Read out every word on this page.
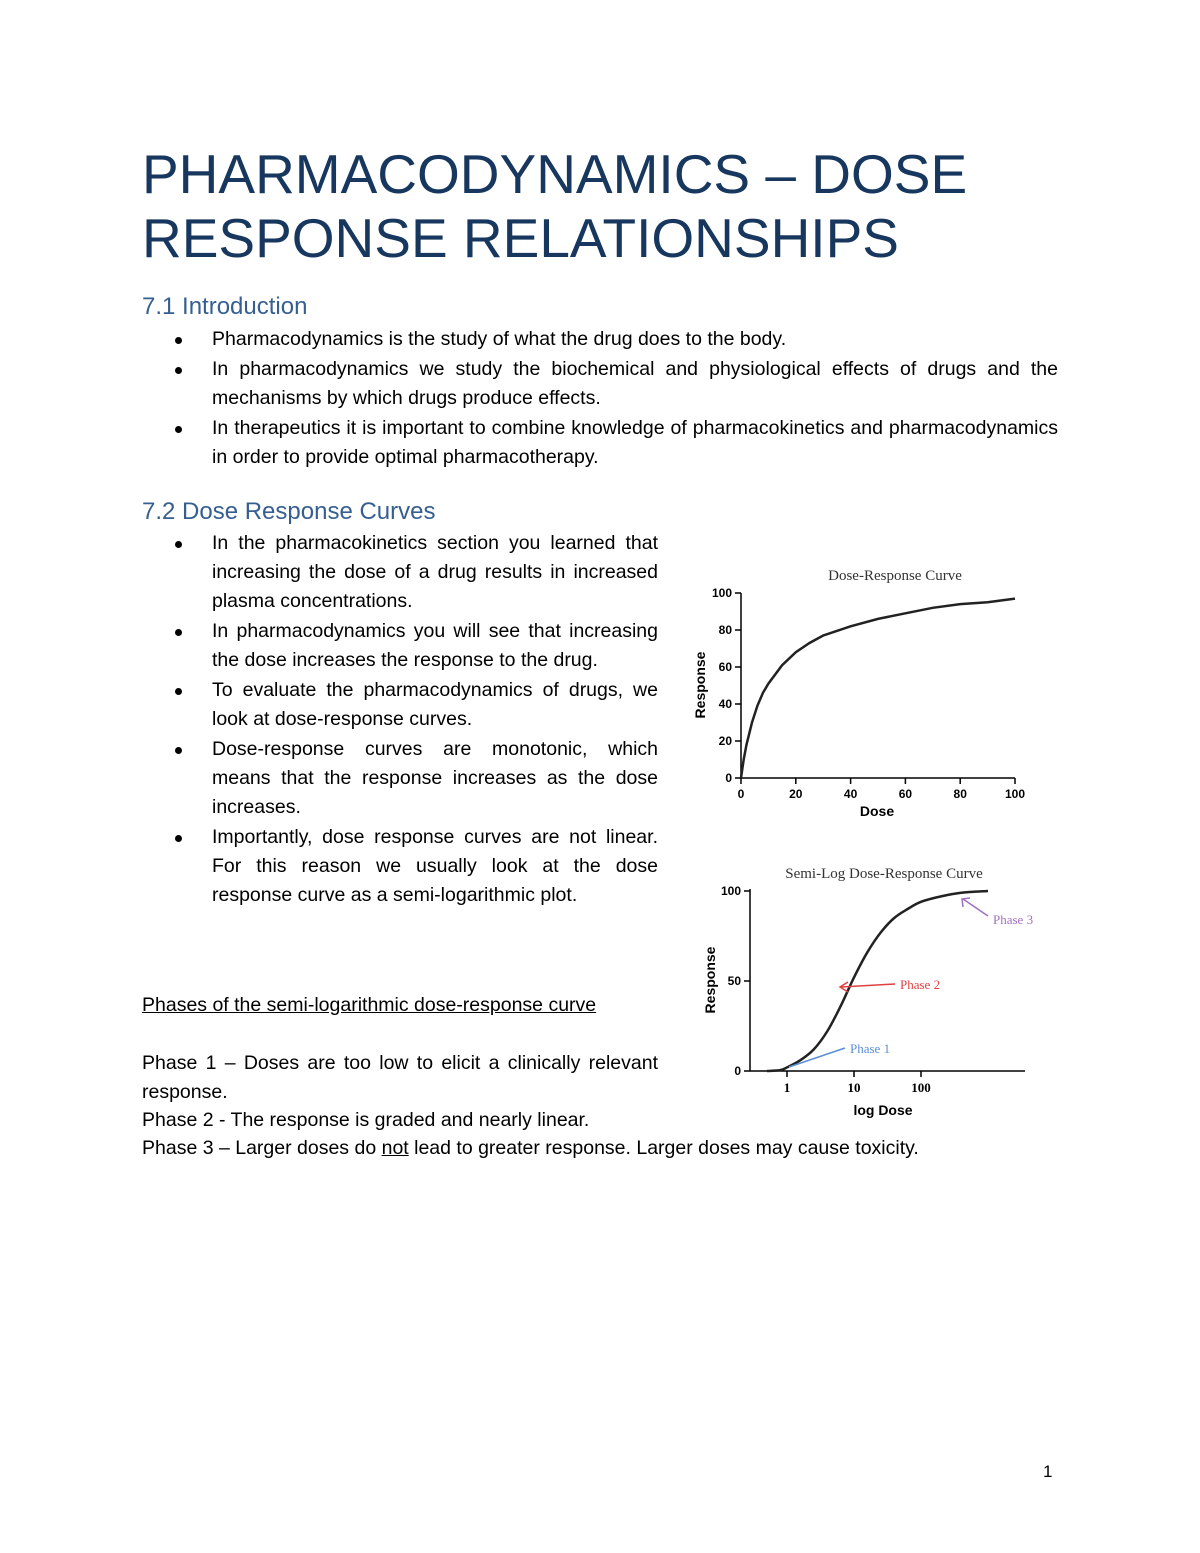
PHARMACODYNAMICS – DOSE
RESPONSE RELATIONSHIPS
7.1 Introduction
Pharmacodynamics is the study of what the drug does to the body.
In pharmacodynamics we study the biochemical and physiological effects of drugs and the mechanisms by which drugs produce effects.
In therapeutics it is important to combine knowledge of pharmacokinetics and pharmacodynamics in order to provide optimal pharmacotherapy.
7.2 Dose Response Curves
In the pharmacokinetics section you learned that increasing the dose of a drug results in increased plasma concentrations.
In pharmacodynamics you will see that increasing the dose increases the response to the drug.
To evaluate the pharmacodynamics of drugs, we look at dose-response curves.
Dose-response curves are monotonic, which means that the response increases as the dose increases.
Importantly, dose response curves are not linear. For this reason we usually look at the dose response curve as a semi-logarithmic plot.

Phases of the semi-logarithmic dose-response curve

Phase 1 – Doses are too low to elicit a clinically relevant response.

Phase 2 - The response is graded and nearly linear.

Phase 3 – Larger doses do not lead to greater response. Larger doses may cause toxicity.

Dose-Response Curve
0	20	40	60	80	100
0
20
40
60
80
100
Dose
Response
Semi-Log Dose-Response Curve
1	10	100
0
50
100
Phase 1
Phase 2
Phase 3
log Dose
Response
1
